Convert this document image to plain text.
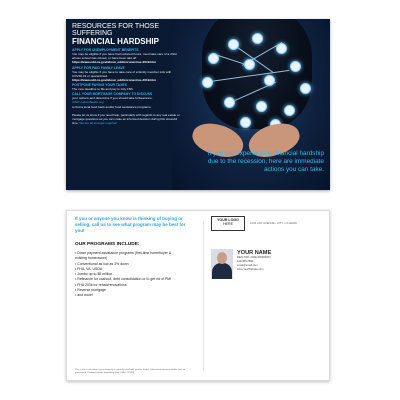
RESOURCES FOR THOSE SUFFERING
FINANCIAL HARDSHIP
APPLY FOR UNEMPLOYMENT BENEFITS

You may be eligible if you have had reduced hours, must take care of a child whose school has closed, or have been laid off.

https://www.edd.ca.gov/about_edd/coronavirus-2019.htm

APPLY FOR PAID FAMILY LEAVE

You may be eligible if you have to take care of a family member sick with COVID-19 or quarantined.

https://www.edd.ca.gov/about_edd/coronavirus-2019.htm

POSTPONE PAYING YOUR TAXES

The new deadline to file and pay is July 15th.

CALL YOUR MORTGAGE COMPANY TO DISCUSS

your options and determine if you should take forbearance.

VISIT cafoodbanks.org

to find a local food bank and/or food assistance programs.

Please let us know if you need help, particularly with regards to any real estate or mortgage questions as you can make an informed decision during this stressful time. We are all stronger together!
If you are experiencing financial hardship due to the recession, here are immediate actions you can take.
If you or anyone you know is thinking of buying or selling, call us to see what program may be best for you!
OUR PROGRAMS INCLUDE:
• Down payment assistance programs (first-time homebuyer & existing homeowner)
• Conventional as low as 3% down
• FHA, VA, USDA
• Jumbo up to $5 million
• Refinance for cashout, debt consolidation or to get rid of PMI
• FHA 203k for rehab/renovations
• Reverse mortgage
• and more!
This is not a solicitation if your property is currently listed with another broker. Information deemed reliable, but not guaranteed. Printing licensee depending area. DRE# 123456
YOUR LOGO
HERE	1234 ANY AVENUE • CITY, CA 90000
YOUR NAME
REALTOR • DRE #00000000
123•456•7890
email@email.com
www.YourWebsite.com
